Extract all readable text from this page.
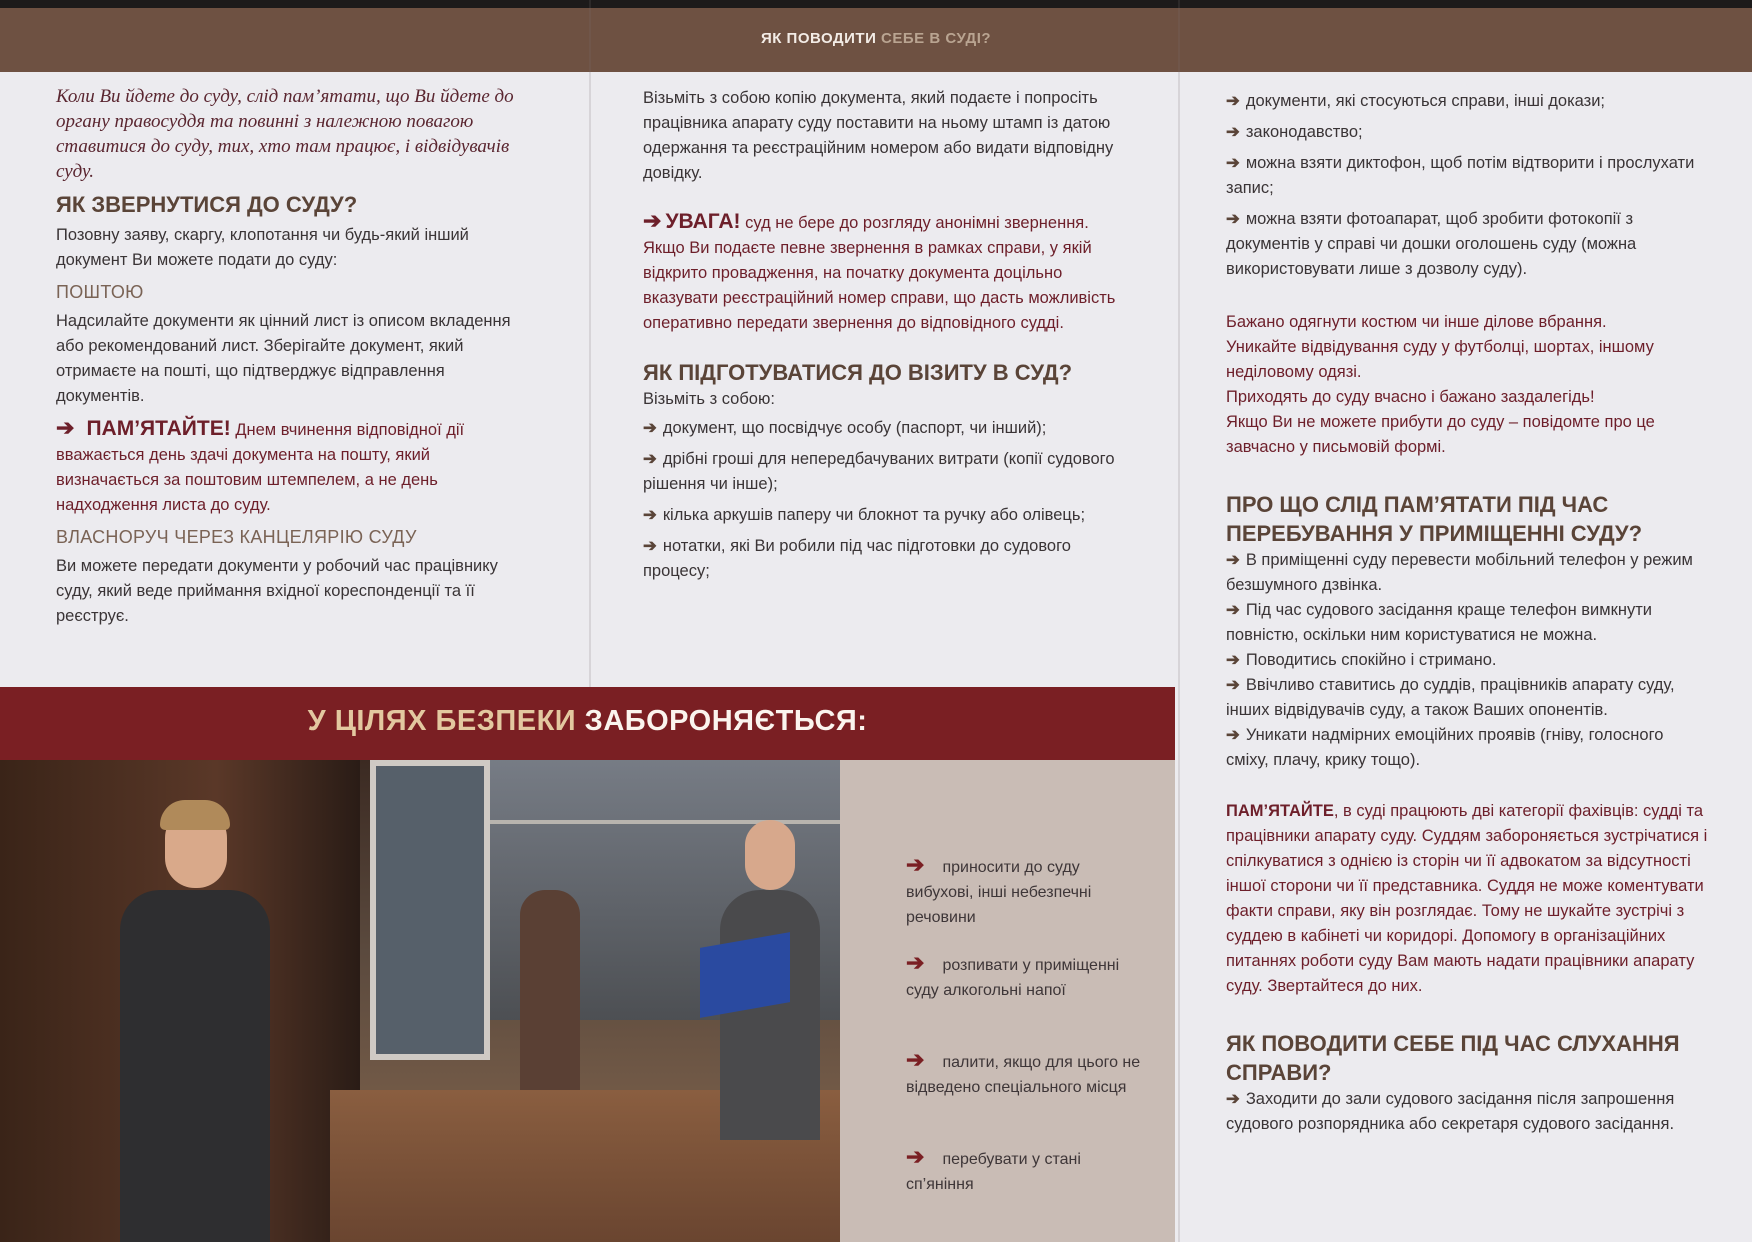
ЯК ПОВОДИТИ СЕБЕ В СУДІ?

Коли Ви йдете до суду, слід пам’ятати, що Ви йдете до органу правосуддя та повинні з належною повагою ставитися до суду, тих, хто там працює, і відвідувачів суду.

ЯК ЗВЕРНУТИСЯ ДО СУДУ?

Позовну заяву, скаргу, клопотання чи будь-який інший документ Ви можете подати до суду:

ПОШТОЮ

Надсилайте документи як цінний лист із описом вкладення або рекомендований лист. Зберігайте документ, який отримаєте на пошті, що підтверджує відправлення документів.

➔ ПАМ’ЯТАЙТЕ! Днем вчинення відповідної дії вважається день здачі документа на пошту, який визначається за поштовим штемпелем, а не день надходження листа до суду.

ВЛАСНОРУЧ ЧЕРЕЗ КАНЦЕЛЯРІЮ СУДУ

Ви можете передати документи у робочий час працівнику суду, який веде приймання вхідної кореспонденції та її реєструє.

Візьміть з собою копію документа, який подаєте і попросіть працівника апарату суду поставити на ньому штамп із датою одержання та реєстраційним номером або видати відповідну довідку.

➔ УВАГА! суд не бере до розгляду анонімні звернення. Якщо Ви подаєте певне звернення в рамках справи, у якій відкрито провадження, на початку документа доцільно вказувати реєстраційний номер справи, що дасть можливість оперативно передати звернення до відповідного судді.

ЯК ПІДГОТУВАТИСЯ ДО ВІЗИТУ В СУД?

Візьміть з собою:

➔ документ, що посвідчує особу (паспорт, чи інший);
➔ дрібні гроші для непередбачуваних витрати (копії судового рішення чи інше);
➔ кілька аркушів паперу чи блокнот та ручку або олівець;
➔ нотатки, які Ви робили під час підготовки до судового процесу;
➔ документи, які стосуються справи, інші докази;
➔ законодавство;
➔ можна взяти диктофон, щоб потім відтворити і прослухати запис;
➔ можна взяти фотоапарат, щоб зробити фотокопії з документів у справі чи дошки оголошень суду (можна використовувати лише з дозволу суду).
Бажано одягнути костюм чи інше ділове вбрання.
Уникайте відвідування суду у футболці, шортах, іншому неділовому одязі.
Приходять до суду вчасно і бажано заздалегідь!
Якщо Ви не можете прибути до суду – повідомте про це завчасно у письмовій формі.
ПРО ЩО СЛІД ПАМ’ЯТАТИ ПІД ЧАС ПЕРЕБУВАННЯ У ПРИМІЩЕННІ СУДУ?
➔ В приміщенні суду перевести мобільний телефон у режим безшумного дзвінка.
➔ Під час судового засідання краще телефон вимкнути повністю, оскільки ним користуватися не можна.
➔ Поводитись спокійно і стримано.
➔ Ввічливо ставитись до суддів, працівників апарату суду, інших відвідувачів суду, а також Ваших опонентів.
➔ Уникати надмірних емоційних проявів (гніву, голосного сміху, плачу, крику тощо).

ПАМ’ЯТАЙТЕ, в суді працюють дві категорії фахівців: судді та працівники апарату суду. Суддям забороняється зустрічатися і спілкуватися з однією із сторін чи її адвокатом за відсутності іншої сторони чи її представника. Суддя не може коментувати факти справи, яку він розглядає. Тому не шукайте зустрічі з суддею в кабінеті чи коридорі. Допомогу в організаційних питаннях роботи суду Вам мають надати працівники апарату суду. Звертайтеся до них.

ЯК ПОВОДИТИ СЕБЕ ПІД ЧАС СЛУХАННЯ СПРАВИ?
➔ Заходити до зали судового засідання після запрошення судового розпорядника або секретаря судового засідання.
У ЦІЛЯХ БЕЗПЕКИ ЗАБОРОНЯЄТЬСЯ:
➔ приносити до суду вибухові, інші небезпечні речовини
➔ розпивати у приміщенні суду алкогольні напої
➔ палити, якщо для цього не відведено спеціального місця
➔ перебувати у стані сп’яніння
